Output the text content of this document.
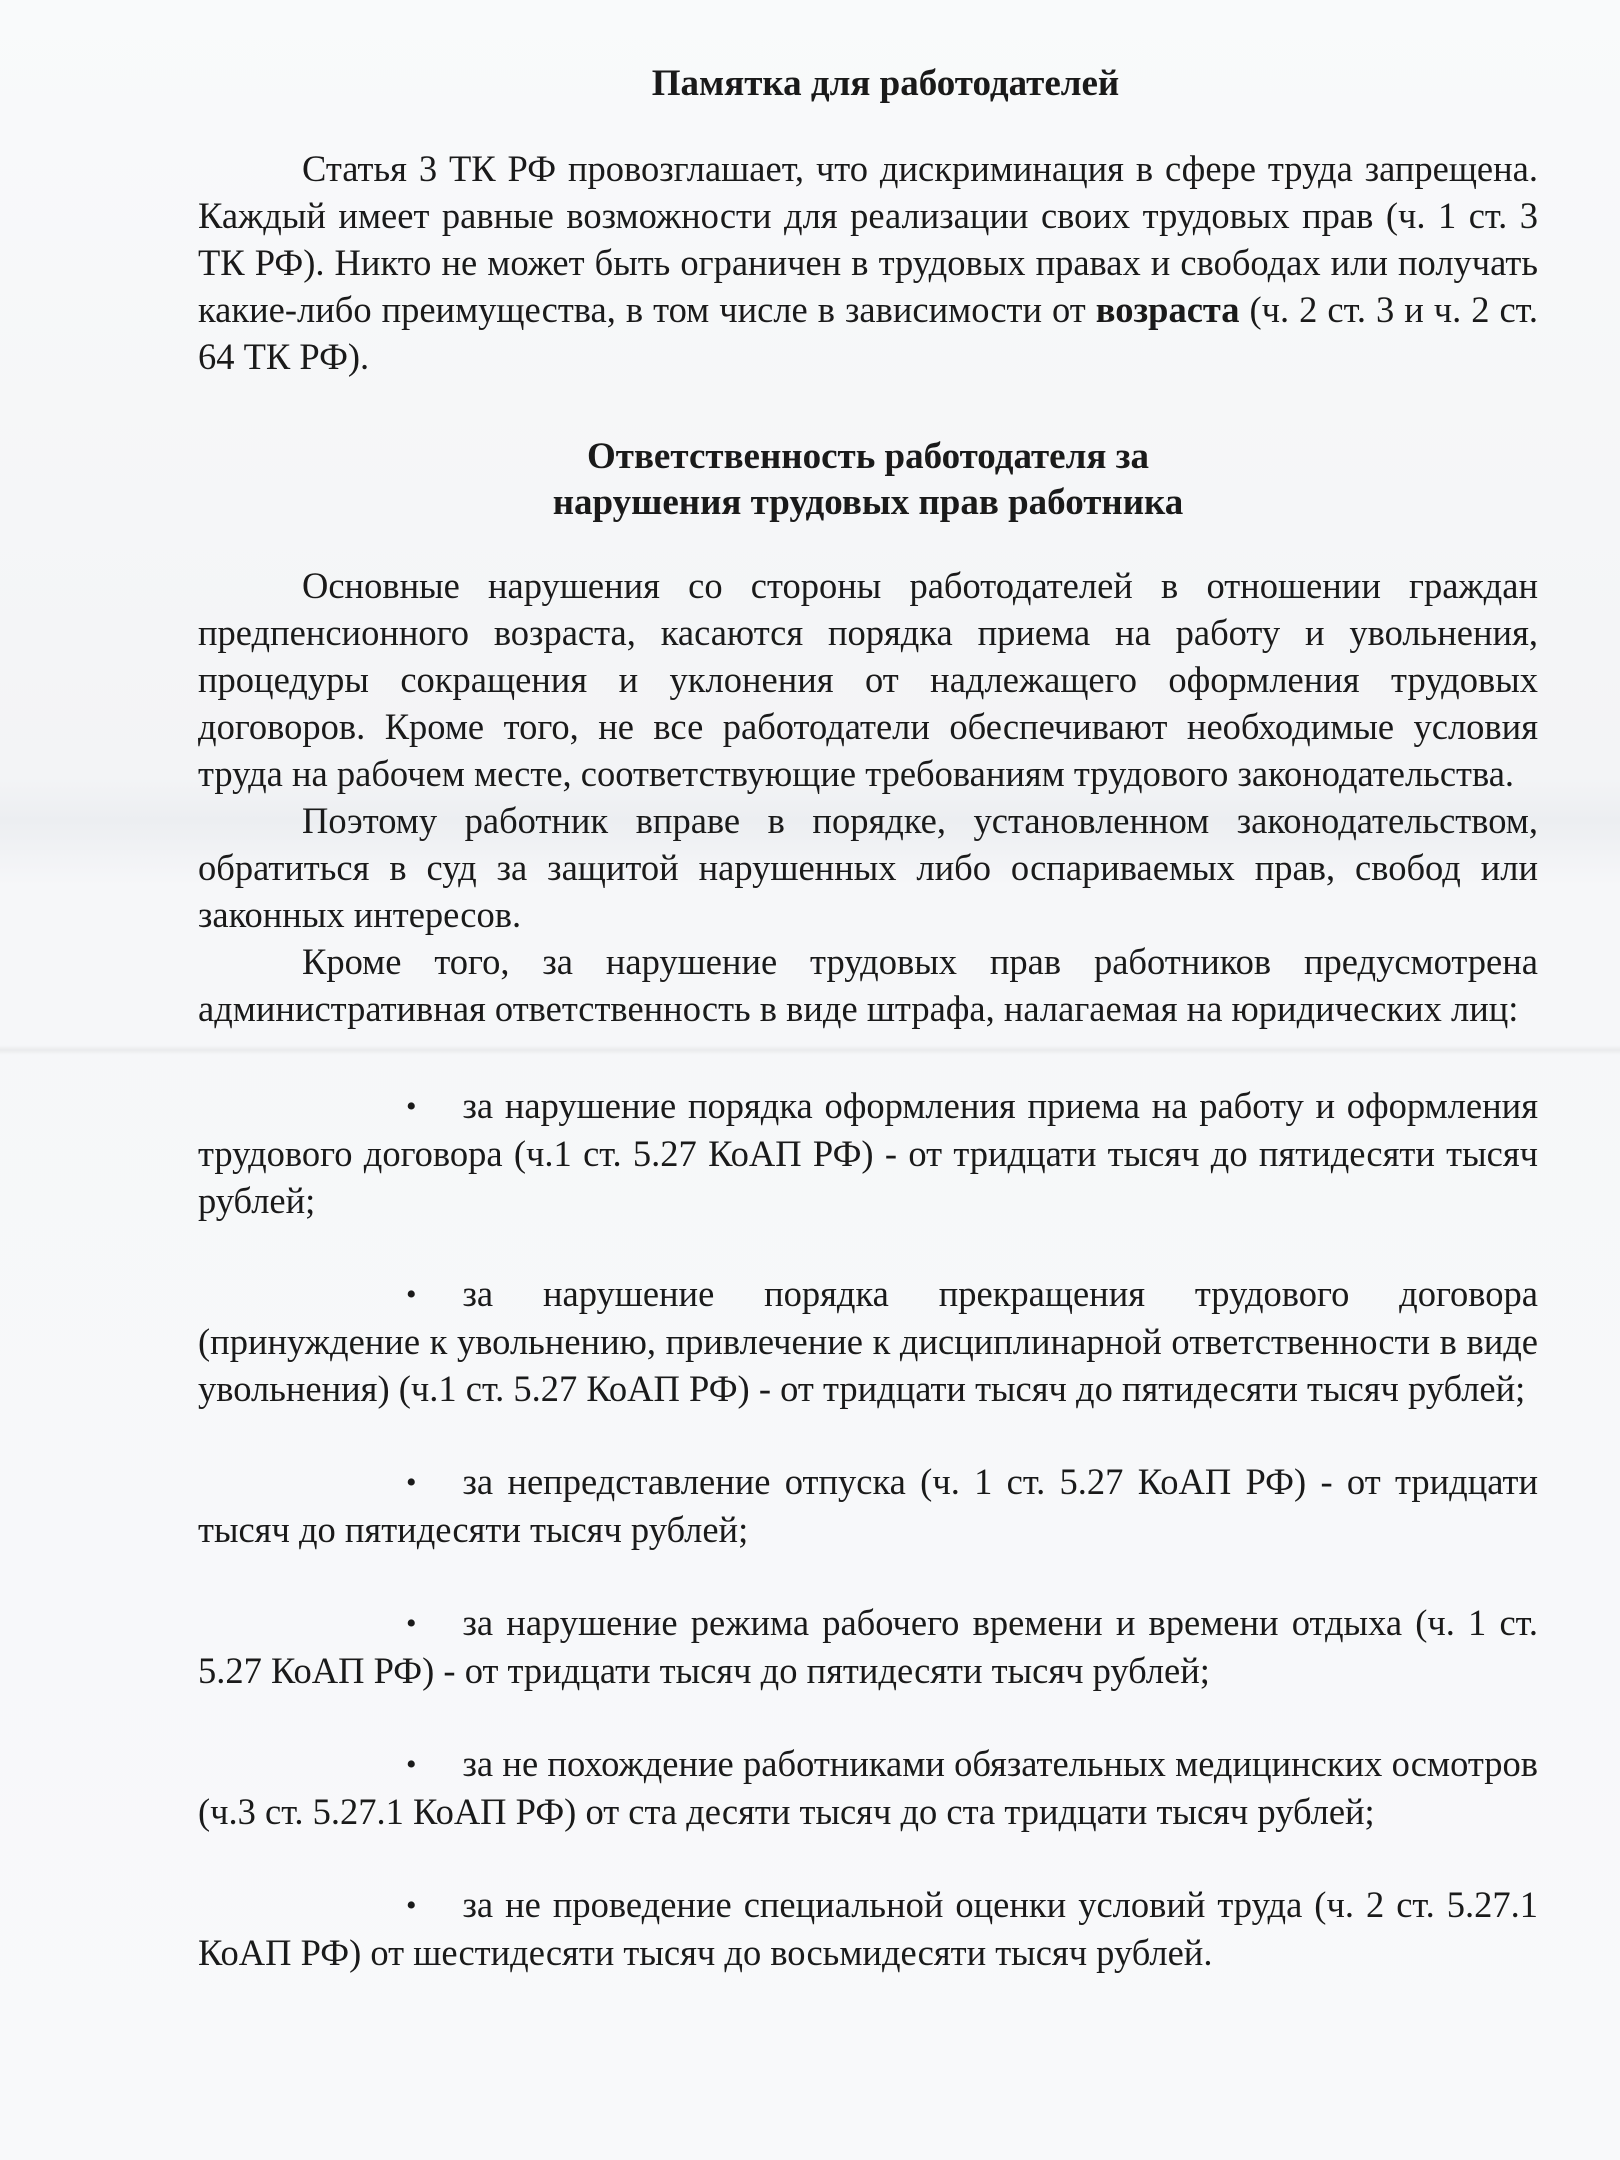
Памятка для работодателей

Статья 3 ТК РФ провозглашает, что дискриминация в сфере труда запрещена. Каждый имеет равные возможности для реализации своих трудовых прав (ч. 1 ст. 3 ТК РФ). Никто не может быть ограничен в трудовых правах и свободах или получать какие-либо преимущества, в том числе в зависимости от возраста (ч. 2 ст. 3 и ч. 2 ст. 64 ТК РФ).

Ответственность работодателя за
нарушения трудовых прав работника

Основные нарушения со стороны работодателей в отношении граждан предпенсионного возраста, касаются порядка приема на работу и увольнения, процедуры сокращения и уклонения от надлежащего оформления трудовых договоров. Кроме того, не все работодатели обеспечивают необходимые условия труда на рабочем месте, соответствующие требованиям трудового законодательства.

Поэтому работник вправе в порядке, установленном законодательством, обратиться в суд за защитой нарушенных либо оспариваемых прав, свобод или законных интересов.

Кроме того, за нарушение трудовых прав работников предусмотрена административная ответственность в виде штрафа, налагаемая на юридических лиц:

• за нарушение порядка оформления приема на работу и оформления трудового договора (ч.1 ст. 5.27 КоАП РФ) - от тридцати тысяч до пятидесяти тысяч рублей;

• за нарушение порядка прекращения трудового договора (принуждение к увольнению, привлечение к дисциплинарной ответственности в виде увольнения) (ч.1 ст. 5.27 КоАП РФ) - от тридцати тысяч до пятидесяти тысяч рублей;

• за непредставление отпуска (ч. 1 ст. 5.27 КоАП РФ) - от тридцати тысяч до пятидесяти тысяч рублей;

• за нарушение режима рабочего времени и времени отдыха (ч. 1 ст. 5.27 КоАП РФ) - от тридцати тысяч до пятидесяти тысяч рублей;

• за не похождение работниками обязательных медицинских осмотров (ч.3 ст. 5.27.1 КоАП РФ) от ста десяти тысяч до ста тридцати тысяч рублей;

• за не проведение специальной оценки условий труда (ч. 2 ст. 5.27.1 КоАП РФ) от шестидесяти тысяч до восьмидесяти тысяч рублей.
